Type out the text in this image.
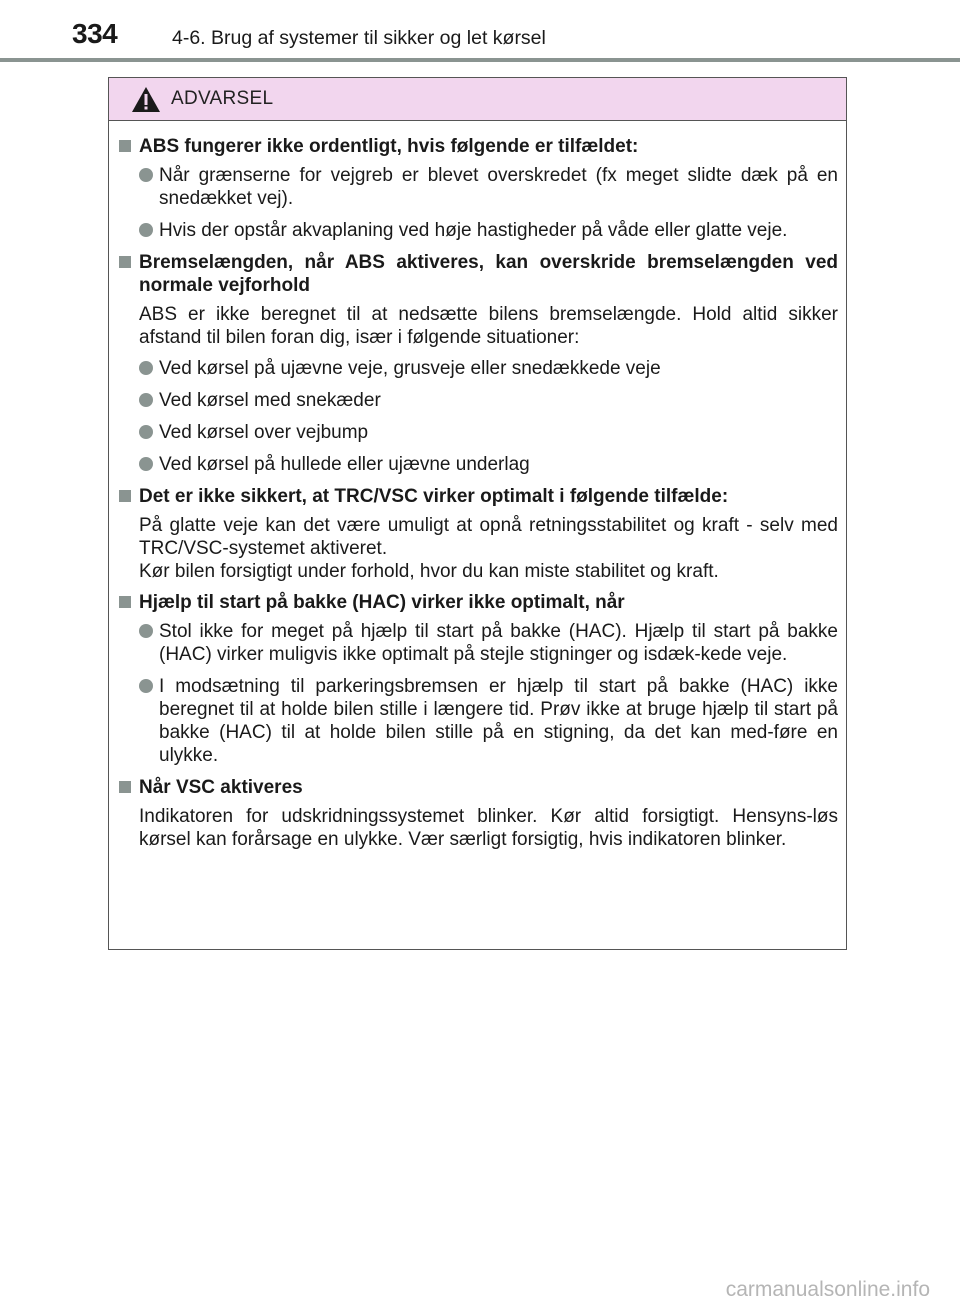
334	4-6. Brug af systemer til sikker og let kørsel
ADVARSEL
ABS fungerer ikke ordentligt, hvis følgende er tilfældet:
Når grænserne for vejgreb er blevet overskredet (fx meget slidte dæk på en snedækket vej).
Hvis der opstår akvaplaning ved høje hastigheder på våde eller glatte veje.
Bremselængden, når ABS aktiveres, kan overskride bremselængden ved normale vejforhold
ABS er ikke beregnet til at nedsætte bilens bremselængde. Hold altid sikker afstand til bilen foran dig, især i følgende situationer:
Ved kørsel på ujævne veje, grusveje eller snedækkede veje
Ved kørsel med snekæder
Ved kørsel over vejbump
Ved kørsel på hullede eller ujævne underlag
Det er ikke sikkert, at TRC/VSC virker optimalt i følgende tilfælde:
På glatte veje kan det være umuligt at opnå retningsstabilitet og kraft - selv med TRC/VSC-systemet aktiveret.
Kør bilen forsigtigt under forhold, hvor du kan miste stabilitet og kraft.
Hjælp til start på bakke (HAC) virker ikke optimalt, når
Stol ikke for meget på hjælp til start på bakke (HAC). Hjælp til start på bakke (HAC) virker muligvis ikke optimalt på stejle stigninger og isdæk-kede veje.
I modsætning til parkeringsbremsen er hjælp til start på bakke (HAC) ikke beregnet til at holde bilen stille i længere tid. Prøv ikke at bruge hjælp til start på bakke (HAC) til at holde bilen stille på en stigning, da det kan med-føre en ulykke.
Når VSC aktiveres
Indikatoren for udskridningssystemet blinker. Kør altid forsigtigt. Hensyns-løs kørsel kan forårsage en ulykke. Vær særligt forsigtig, hvis indikatoren blinker.
carmanualsonline.info
